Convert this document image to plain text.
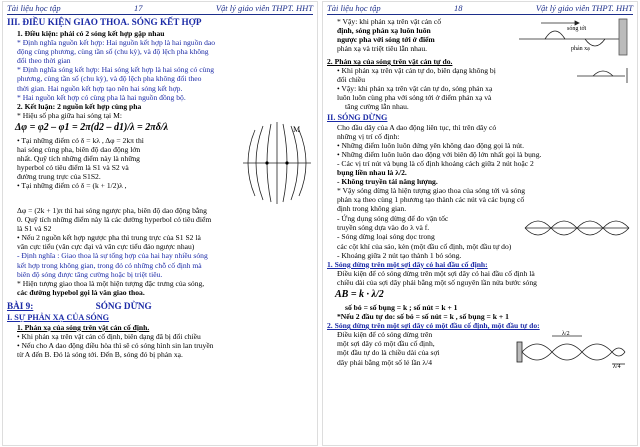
Tài liệu học tập	17	Vật lý giáo viên THPT. HHT
III. ĐIỀU KIỆN GIAO THOA. SÓNG KẾT HỢP

1. Điều kiện: phải có 2 sóng kết hợp gặp nhau

* Định nghĩa nguồn kết hợp: Hai nguồn kết hợp là hai nguồn dao

động cùng phương, cùng tần số (chu kỳ), và độ lệch pha không

đổi theo thời gian

* Định nghĩa sóng kết hợp: Hai sóng kết hợp là hai sóng có cùng

phương, cùng tần số (chu kỳ), và độ lệch pha không đổi theo

thời gian. Hai nguồn kết hợp tạo nên hai sóng kết hợp.

* Hai nguồn kết hợp có cùng pha là hai nguồn đồng bộ.

2. Kết luận: 2 nguồn kết hợp cùng pha

* Hiệu số pha giữa hai sóng tại M:

Δφ = φ2 – φ1 = 2π(d2 – d1)/λ = 2πδ/λ

• Tại những điểm có δ = kλ , Δφ = 2kπ thì

hai sóng cùng pha, biên độ dao động lớn

nhất. Quỹ tích những điểm này là những

hyperbol có tiêu điểm là S1 và S2 và

đường trung trực của S1S2.

• Tại những điểm có δ = (k + 1/2)λ ,

M

Δφ = (2k + 1)π thì hai sóng ngược pha, biên độ dao động bằng

0. Quỹ tích những điểm này là các đường hyperbol có tiêu điểm

là S1 và S2

• Nếu 2 nguồn kết hợp ngược pha thì trung trực của S1 S2 là

vân cực tiểu (vân cực đại và vân cực tiểu đảo ngược nhau)

- Định nghĩa : Giao thoa là sự tổng hợp của hai hay nhiều sóng

kết hợp trong không gian, trong đó có những chỗ cố định mà

biên độ sóng được tăng cường hoặc bị triệt tiêu.

* Hiện tượng giao thoa là một hiện tượng đặc trưng của sóng,

các đường hypebol gọi là vân giao thoa.

BÀI 9:	SÓNG DỪNG
I. SỰ PHẢN XẠ CỦA SÓNG

1. Phản xạ của sóng trên vật cản cố định.

• Khi phản xạ trên vật cản cố định, biên dạng đã bị đổi chiều

• Nếu cho A dao động điều hòa thì sẽ có sóng hình sin lan truyền

từ A đến B. Đó là sóng tới. Đến B, sóng đó bị phản xạ.

Tài liệu học tập	18	Vật lý giáo viên THPT. HHT

* Vậy: khi phản xạ trên vật cản cố

định, sóng phản xạ luôn luôn

ngược pha với sóng tới ở điểm

phản xạ và triệt tiêu lẫn nhau.

sóng tới
phản xạ

2. Phản xạ của sóng trên vật cản tự do.

• Khi phản xạ trên vật cản tự do, biên dạng không bị

đổi chiều

• Vậy: khi phản xạ trên vật cản tự do, sóng phản xạ

luôn luôn cùng pha với sóng tới ở điểm phản xạ và

tăng cường lẫn nhau.

II. SÓNG DỪNG

Cho đầu dây của A dao động liên tục, thì trên dây có

những vị trí cố định:

• Những điểm luôn luôn đứng yên không dao động gọi là nút.

• Những điểm luôn luôn dao động với biên độ lớn nhất gọi là bụng.

- Các vị trí nút và bụng là cố định khoảng cách giữa 2 nút hoặc 2

bụng liền nhau là λ/2.

- Không truyền tải năng lượng.

* Vậy sóng dừng là hiện tượng giao thoa của sóng tới và sóng

phản xạ theo cùng 1 phương tạo thành các nút và các bụng cố

định trong không gian.

- Ứng dụng sóng dừng để đo vận tốc

truyền sóng dựa vào đo λ và f.

- Sóng dừng loại sóng dọc trong

các cột khí của sáo, kèn (một đầu cố định, một đầu tự do)

- Khoảng giữa 2 nút tạo thành 1 bó sóng.

1. Sóng dừng trên một sợi dây có hai đầu cố định:

Điều kiện để có sóng dừng trên một sợi dây có hai đầu cố định là

chiều dài của sợi dây phải bằng một số nguyên lần nửa bước sóng

AB = k · λ/2

số bó = số bụng = k ; số nút = k + 1

*Nếu 2 đầu tự do: số bó = số nút = k , số bụng = k + 1

2. Sóng dừng trên một sợi dây có một đầu cố định, một đầu tự do:

Điều kiện để có sóng dừng trên

một sợi dây có một đầu cố định,

một đầu tự do là chiều dài của sợi

dây phải bằng một số lẻ lần λ/4

λ/2
λ/4
